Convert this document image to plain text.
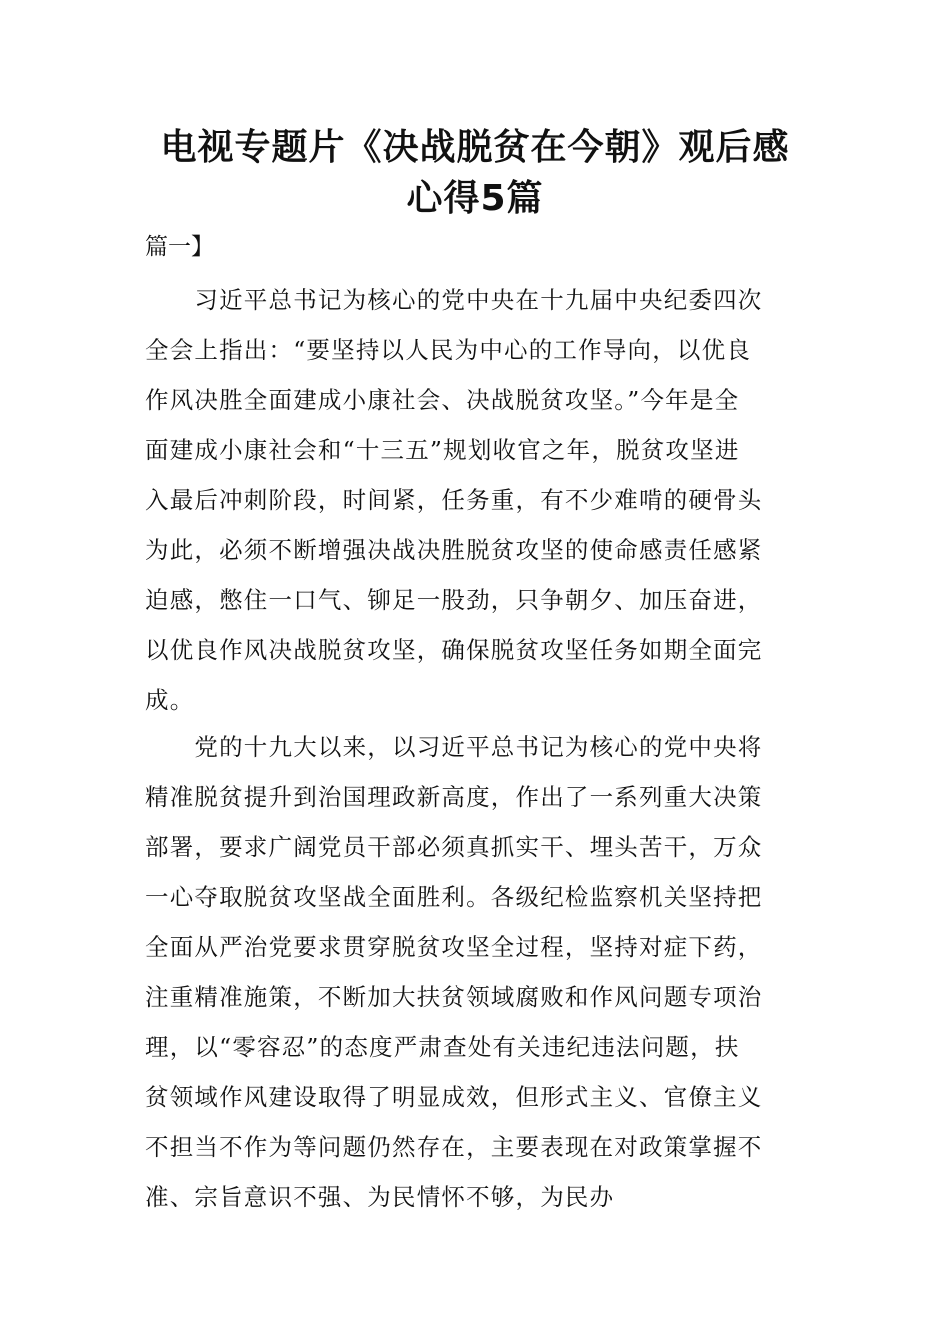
电视专题片《决战脱贫在今朝》观后感
心得5篇

篇一】

　　习近平总书记为核心的党中央在十九届中央纪委四次
全会上指出：“要坚持以人民为中心的工作导向，以优良
作风决胜全面建成小康社会、决战脱贫攻坚。”今年是全
面建成小康社会和“十三五”规划收官之年，脱贫攻坚进
入最后冲刺阶段，时间紧，任务重，有不少难啃的硬骨头
为此，必须不断增强决战决胜脱贫攻坚的使命感责任感紧
迫感，憋住一口气、铆足一股劲，只争朝夕、加压奋进，
以优良作风决战脱贫攻坚，确保脱贫攻坚任务如期全面完
成。
　　党的十九大以来，以习近平总书记为核心的党中央将
精准脱贫提升到治国理政新高度，作出了一系列重大决策
部署，要求广阔党员干部必须真抓实干、埋头苦干，万众
一心夺取脱贫攻坚战全面胜利。各级纪检监察机关坚持把
全面从严治党要求贯穿脱贫攻坚全过程，坚持对症下药，
注重精准施策，不断加大扶贫领域腐败和作风问题专项治
理，以“零容忍”的态度严肃查处有关违纪违法问题，扶
贫领域作风建设取得了明显成效，但形式主义、官僚主义
不担当不作为等问题仍然存在，主要表现在对政策掌握不
准、宗旨意识不强、为民情怀不够，为民办
